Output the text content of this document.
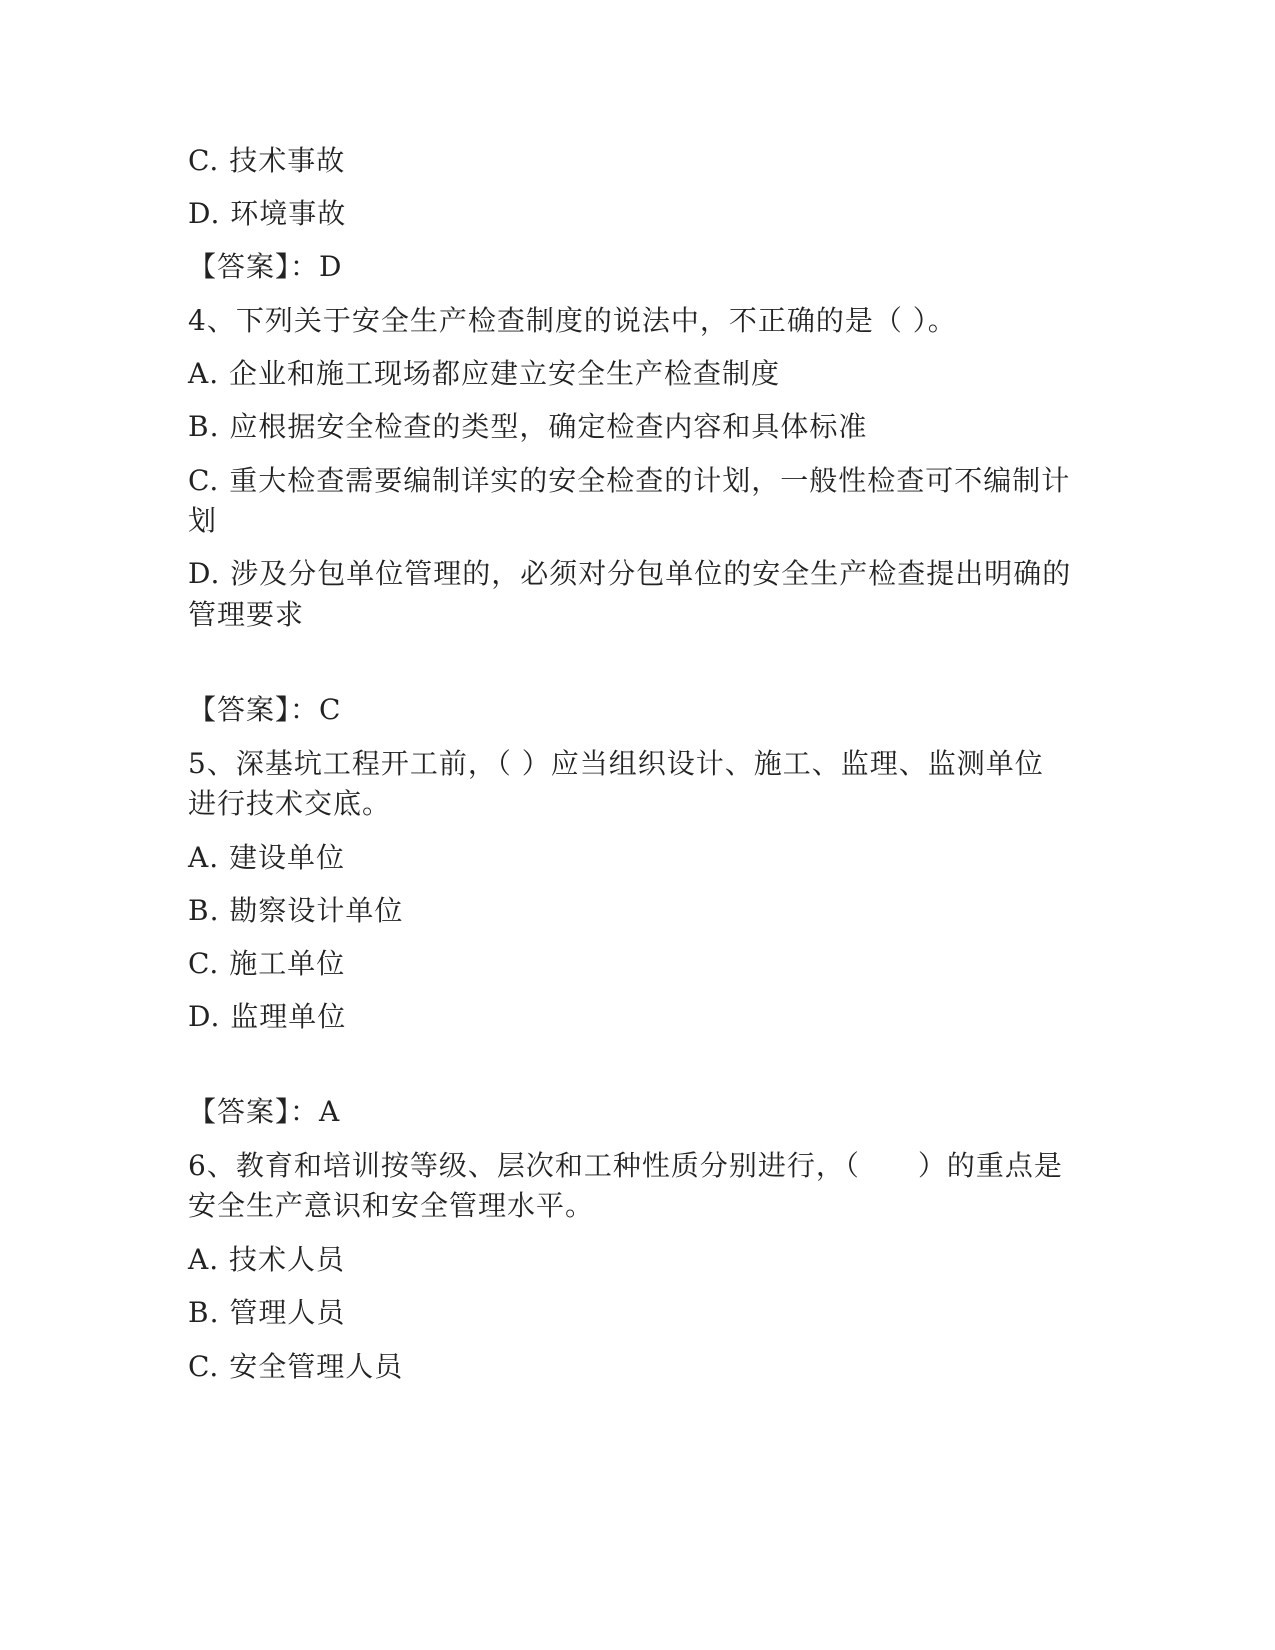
C. 技术事故
D. 环境事故
【答案】：D
4、下列关于安全生产检查制度的说法中，不正确的是（ ）。
A. 企业和施工现场都应建立安全生产检查制度
B. 应根据安全检查的类型，确定检查内容和具体标准
C. 重大检查需要编制详实的安全检查的计划，一般性检查可不编制计
划
D. 涉及分包单位管理的，必须对分包单位的安全生产检查提出明确的
管理要求
【答案】：C
5、深基坑工程开工前，（ ）应当组织设计、施工、监理、监测单位
进行技术交底。
A. 建设单位
B. 勘察设计单位
C. 施工单位
D. 监理单位
【答案】：A
6、教育和培训按等级、层次和工种性质分别进行，（　　）的重点是
安全生产意识和安全管理水平。
A. 技术人员
B. 管理人员
C. 安全管理人员
